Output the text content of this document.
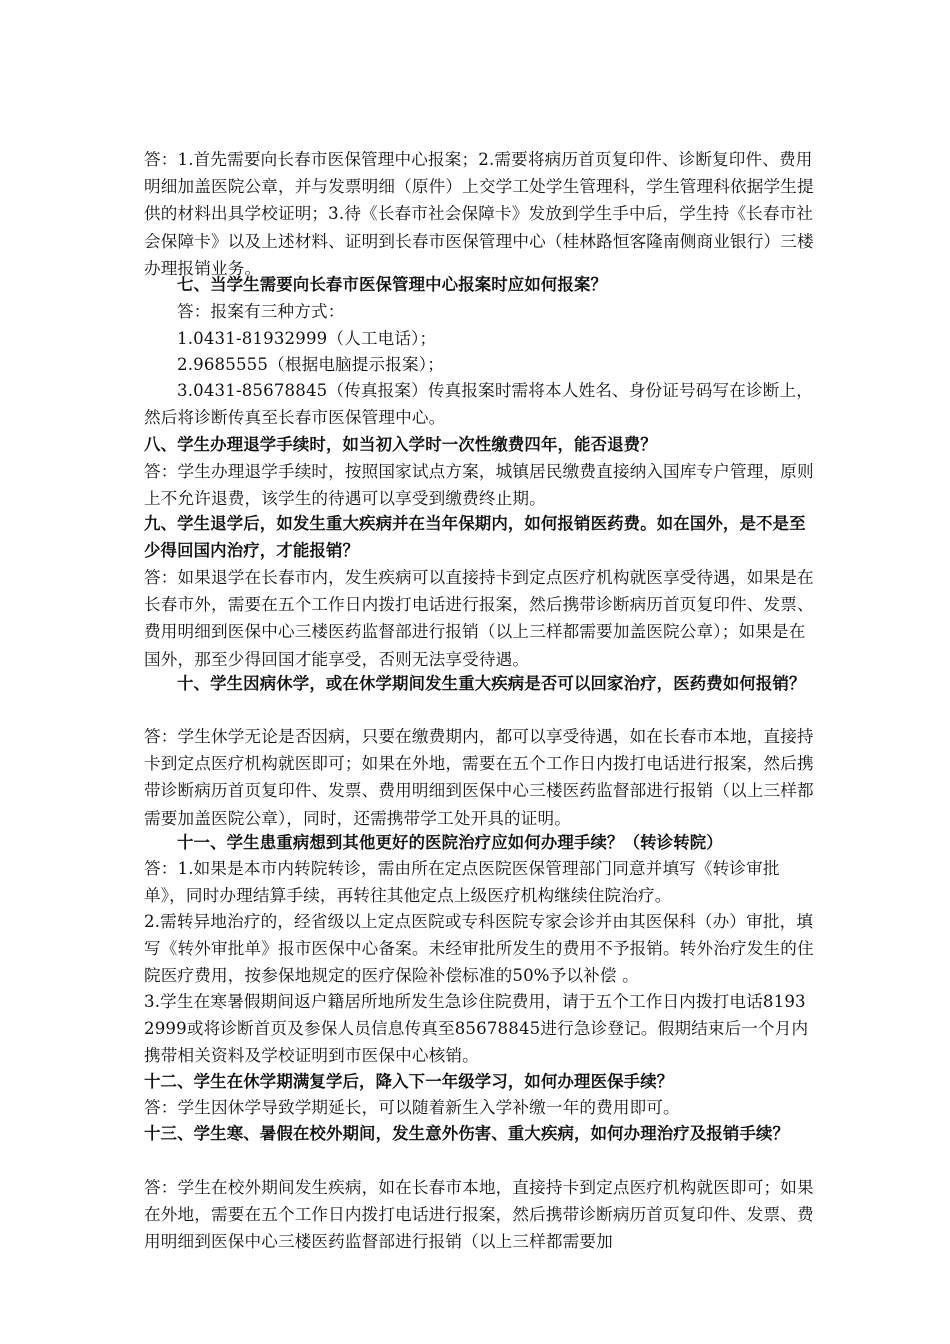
答：1.首先需要向长春市医保管理中心报案；2.需要将病历首页复印件、诊断复印件、费用明细加盖医院公章，并与发票明细（原件）上交学工处学生管理科，学生管理科依据学生提供的材料出具学校证明；3.待《长春市社会保障卡》发放到学生手中后，学生持《长春市社会保障卡》以及上述材料、证明到长春市医保管理中心（桂林路恒客隆南侧商业银行）三楼办理报销业务。

七、当学生需要向长春市医保管理中心报案时应如何报案？

答：报案有三种方式：

1.0431-81932999（人工电话）；

2.9685555（根据电脑提示报案）；

3.0431-85678845（传真报案）传真报案时需将本人姓名、身份证号码写在诊断上，然后将诊断传真至长春市医保管理中心。

八、学生办理退学手续时，如当初入学时一次性缴费四年，能否退费？

答：学生办理退学手续时，按照国家试点方案，城镇居民缴费直接纳入国库专户管理，原则上不允许退费，该学生的待遇可以享受到缴费终止期。

九、学生退学后，如发生重大疾病并在当年保期内，如何报销医药费。如在国外，是不是至少得回国内治疗，才能报销？

答：如果退学在长春市内，发生疾病可以直接持卡到定点医疗机构就医享受待遇，如果是在长春市外，需要在五个工作日内拨打电话进行报案，然后携带诊断病历首页复印件、发票、费用明细到医保中心三楼医药监督部进行报销（以上三样都需要加盖医院公章）；如果是在国外，那至少得回国才能享受，否则无法享受待遇。

十、学生因病休学，或在休学期间发生重大疾病是否可以回家治疗，医药费如何报销？

答：学生休学无论是否因病，只要在缴费期内，都可以享受待遇，如在长春市本地，直接持卡到定点医疗机构就医即可；如果在外地，需要在五个工作日内拨打电话进行报案，然后携带诊断病历首页复印件、发票、费用明细到医保中心三楼医药监督部进行报销（以上三样都需要加盖医院公章），同时，还需携带学工处开具的证明。

十一、学生患重病想到其他更好的医院治疗应如何办理手续？（转诊转院）

答：1.如果是本市内转院转诊，需由所在定点医院医保管理部门同意并填写《转诊审批单》，同时办理结算手续，再转往其他定点上级医疗机构继续住院治疗。

2.需转异地治疗的，经省级以上定点医院或专科医院专家会诊并由其医保科（办）审批，填写《转外审批单》报市医保中心备案。未经审批所发生的费用不予报销。转外治疗发生的住院医疗费用，按参保地规定的医疗保险补偿标准的50%予以补偿 。

3.学生在寒暑假期间返户籍居所地所发生急诊住院费用，请于五个工作日内拨打电话81932999或将诊断首页及参保人员信息传真至85678845进行急诊登记。假期结束后一个月内携带相关资料及学校证明到市医保中心核销。

十二、学生在休学期满复学后，降入下一年级学习，如何办理医保手续？

答：学生因休学导致学期延长，可以随着新生入学补缴一年的费用即可。

十三、学生寒、暑假在校外期间，发生意外伤害、重大疾病，如何办理治疗及报销手续？

答：学生在校外期间发生疾病，如在长春市本地，直接持卡到定点医疗机构就医即可；如果在外地，需要在五个工作日内拨打电话进行报案，然后携带诊断病历首页复印件、发票、费用明细到医保中心三楼医药监督部进行报销（以上三样都需要加
